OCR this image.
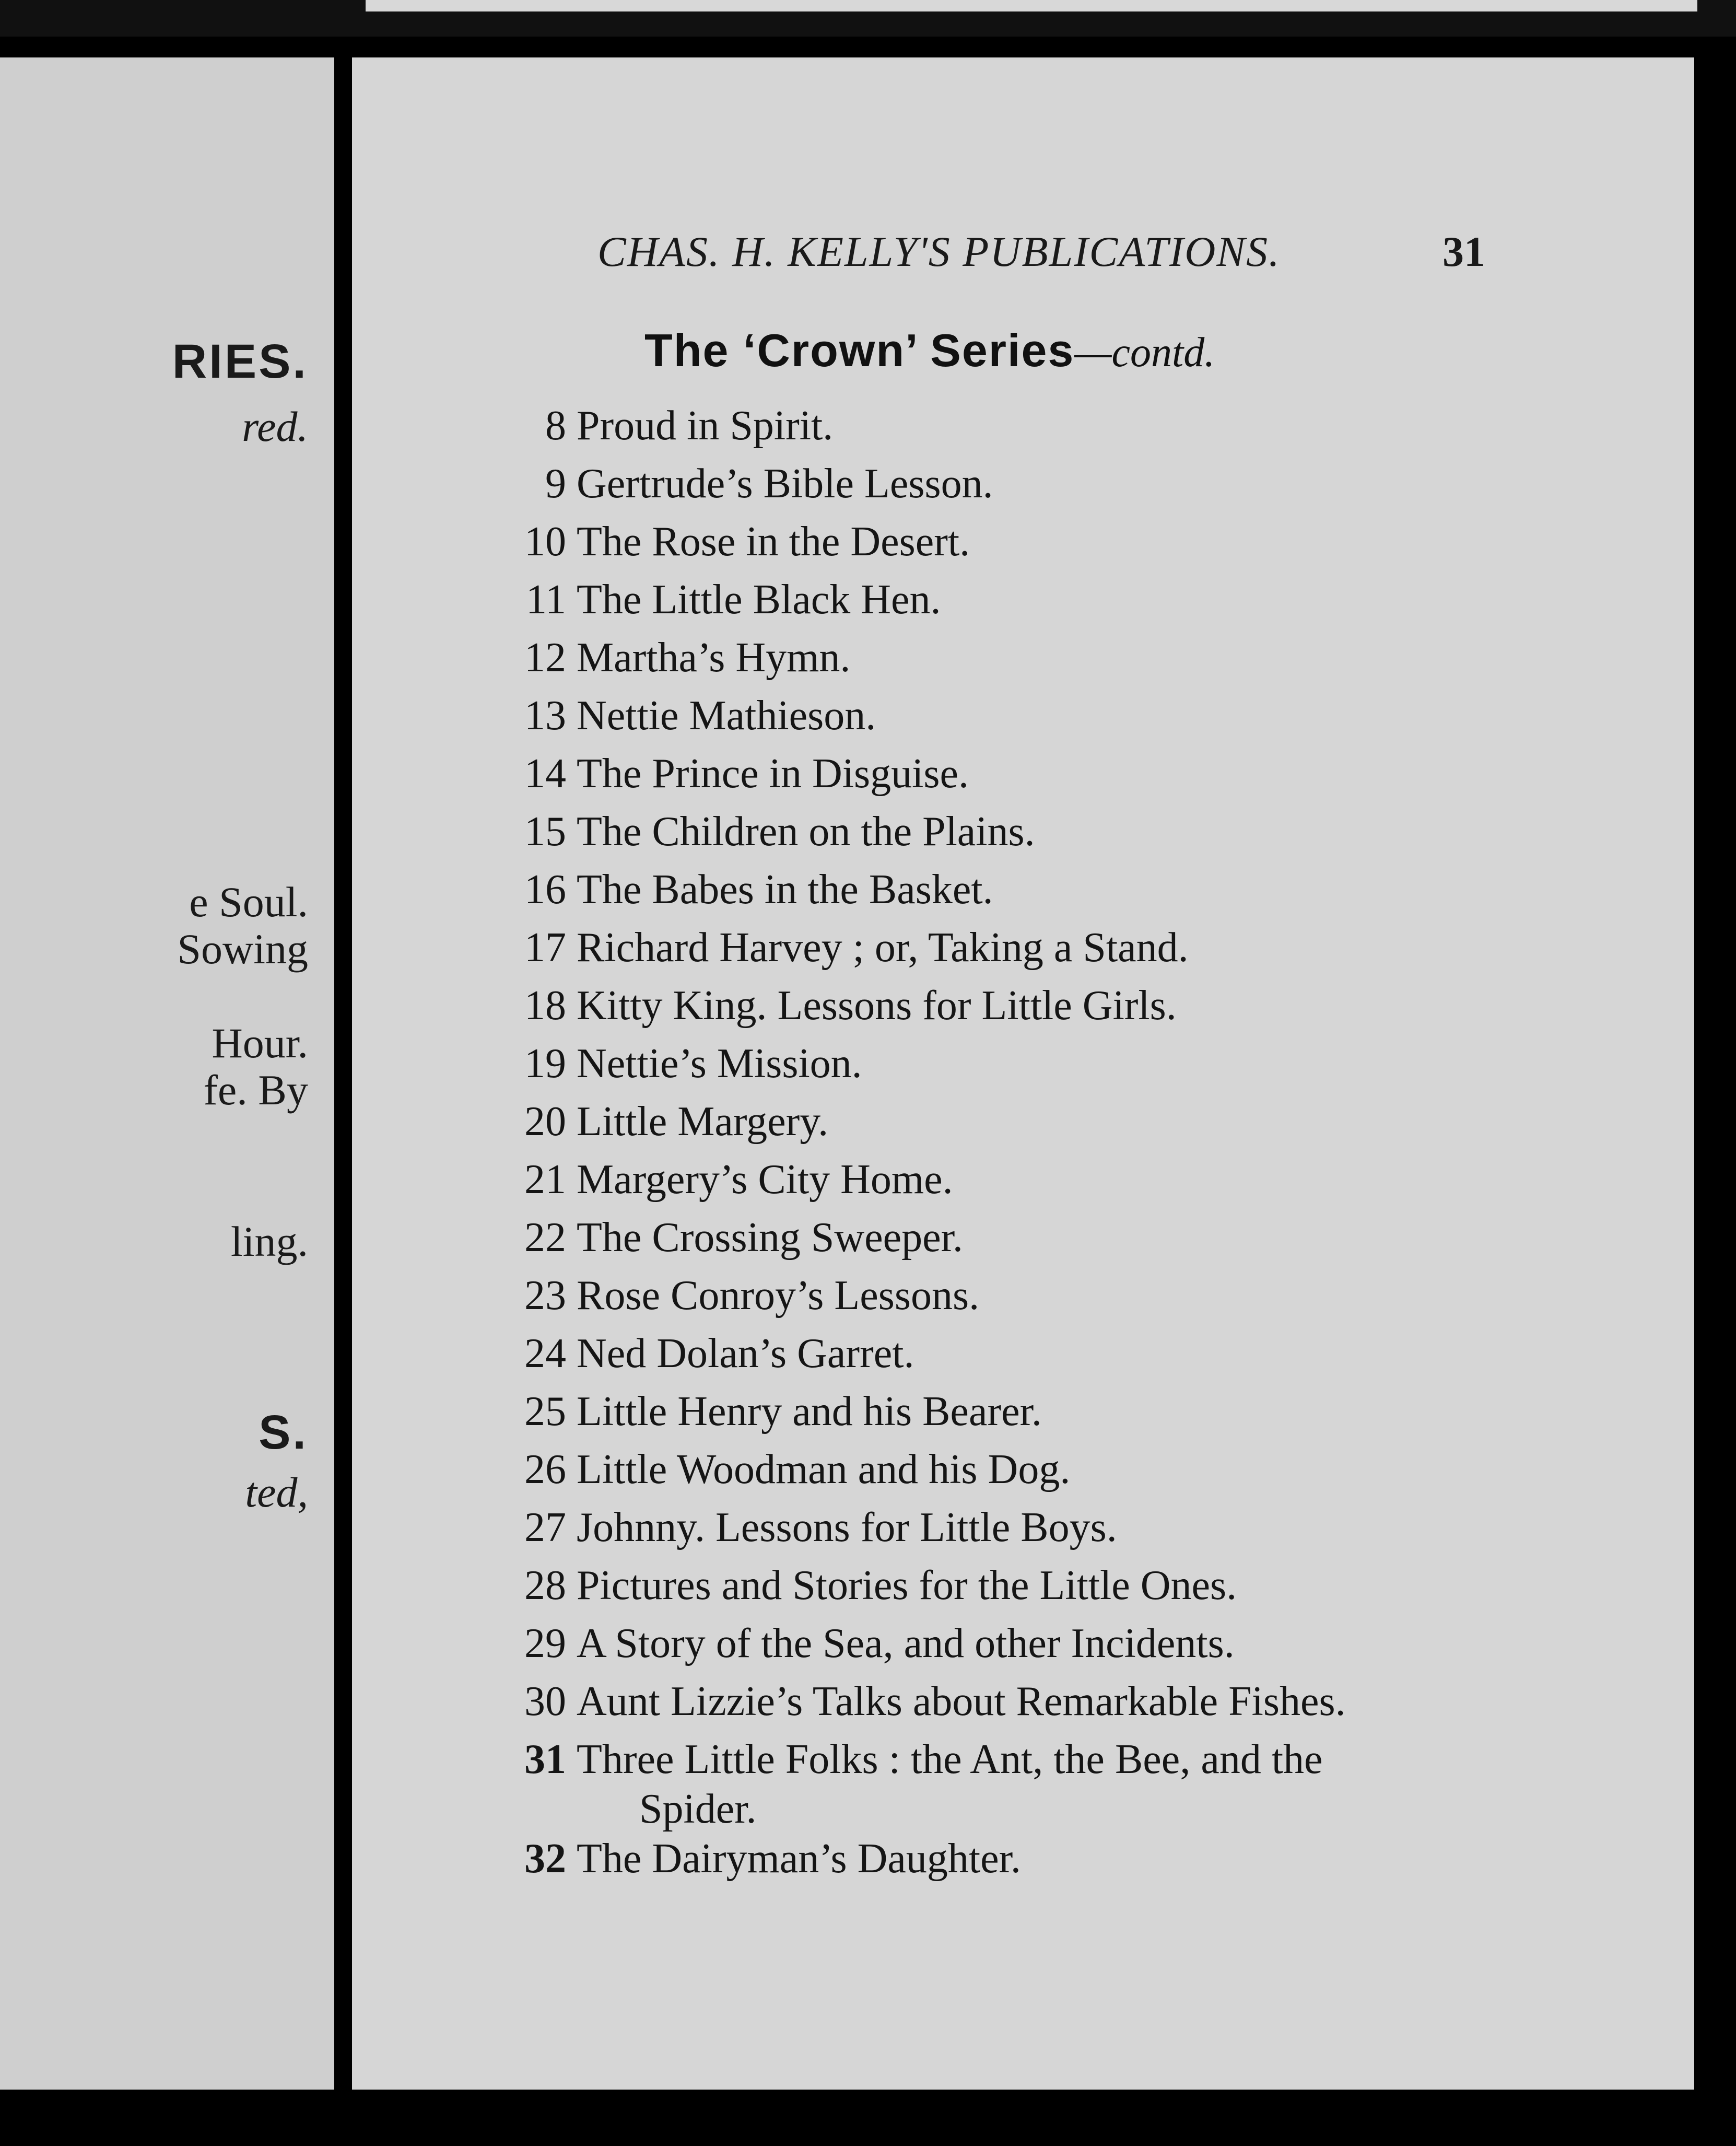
RIES.
red.
e Soul.
Sowing
Hour.
fe. By
ling.
S.
ted,
CHAS. H. KELLY'S PUBLICATIONS.	31
The ‘Crown’ Series—contd.
8 Proud in Spirit.
9 Gertrude’s Bible Lesson.
10 The Rose in the Desert.
11 The Little Black Hen.
12 Martha’s Hymn.
13 Nettie Mathieson.
14 The Prince in Disguise.
15 The Children on the Plains.
16 The Babes in the Basket.
17 Richard Harvey ; or, Taking a Stand.
18 Kitty King. Lessons for Little Girls.
19 Nettie’s Mission.
20 Little Margery.
21 Margery’s City Home.
22 The Crossing Sweeper.
23 Rose Conroy’s Lessons.
24 Ned Dolan’s Garret.
25 Little Henry and his Bearer.
26 Little Woodman and his Dog.
27 Johnny. Lessons for Little Boys.
28 Pictures and Stories for the Little Ones.
29 A Story of the Sea, and other Incidents.
30 Aunt Lizzie’s Talks about Remarkable Fishes.
31 Three Little Folks : the Ant, the Bee, and the
Spider.
32 The Dairyman’s Daughter.
